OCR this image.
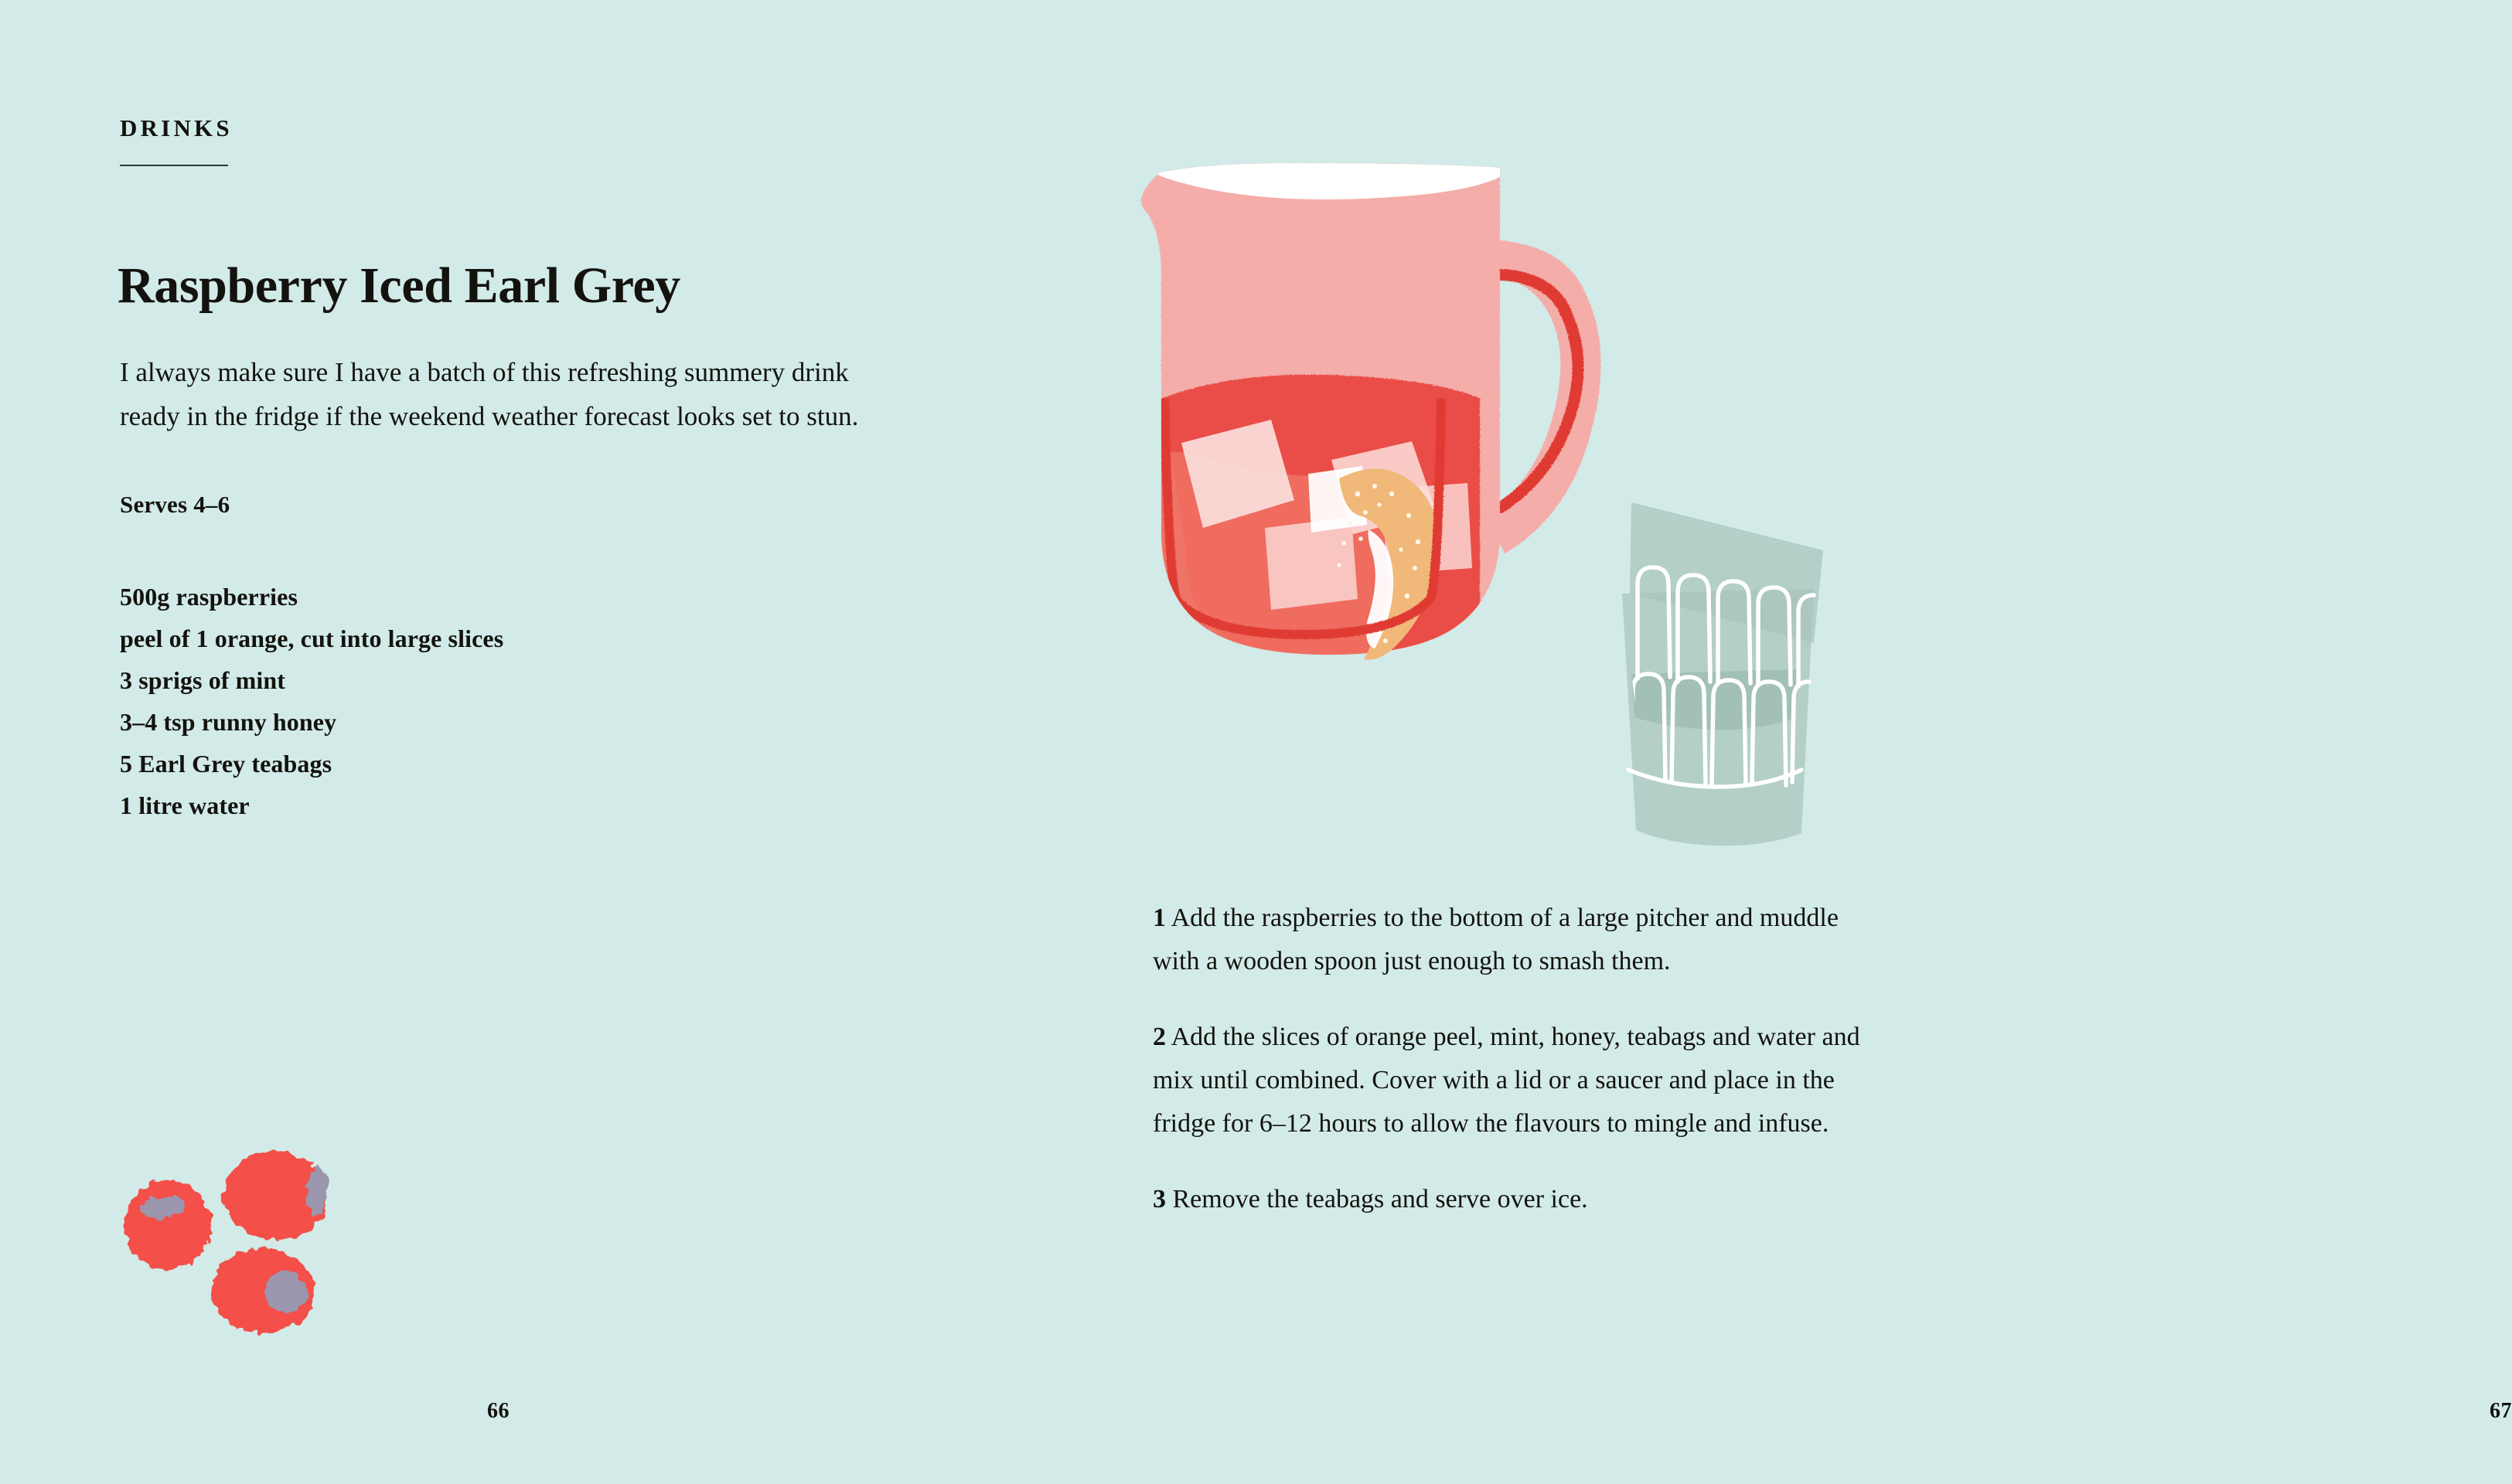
DRINKS
Raspberry Iced Earl Grey

I always make sure I have a batch of this refreshing summery drink ready in the fridge if the weekend weather forecast looks set to stun.

Serves 4–6
500g raspberries
peel of 1 orange, cut into large slices
3 sprigs of mint
3–4 tsp runny honey
5 Earl Grey teabags
1 litre water
66

1 Add the raspberries to the bottom of a large pitcher and muddle with a wooden spoon just enough to smash them.

2 Add the slices of orange peel, mint, honey, teabags and water and mix until combined. Cover with a lid or a saucer and place in the fridge for 6–12 hours to allow the flavours to mingle and infuse.

3 Remove the teabags and serve over ice.

67
